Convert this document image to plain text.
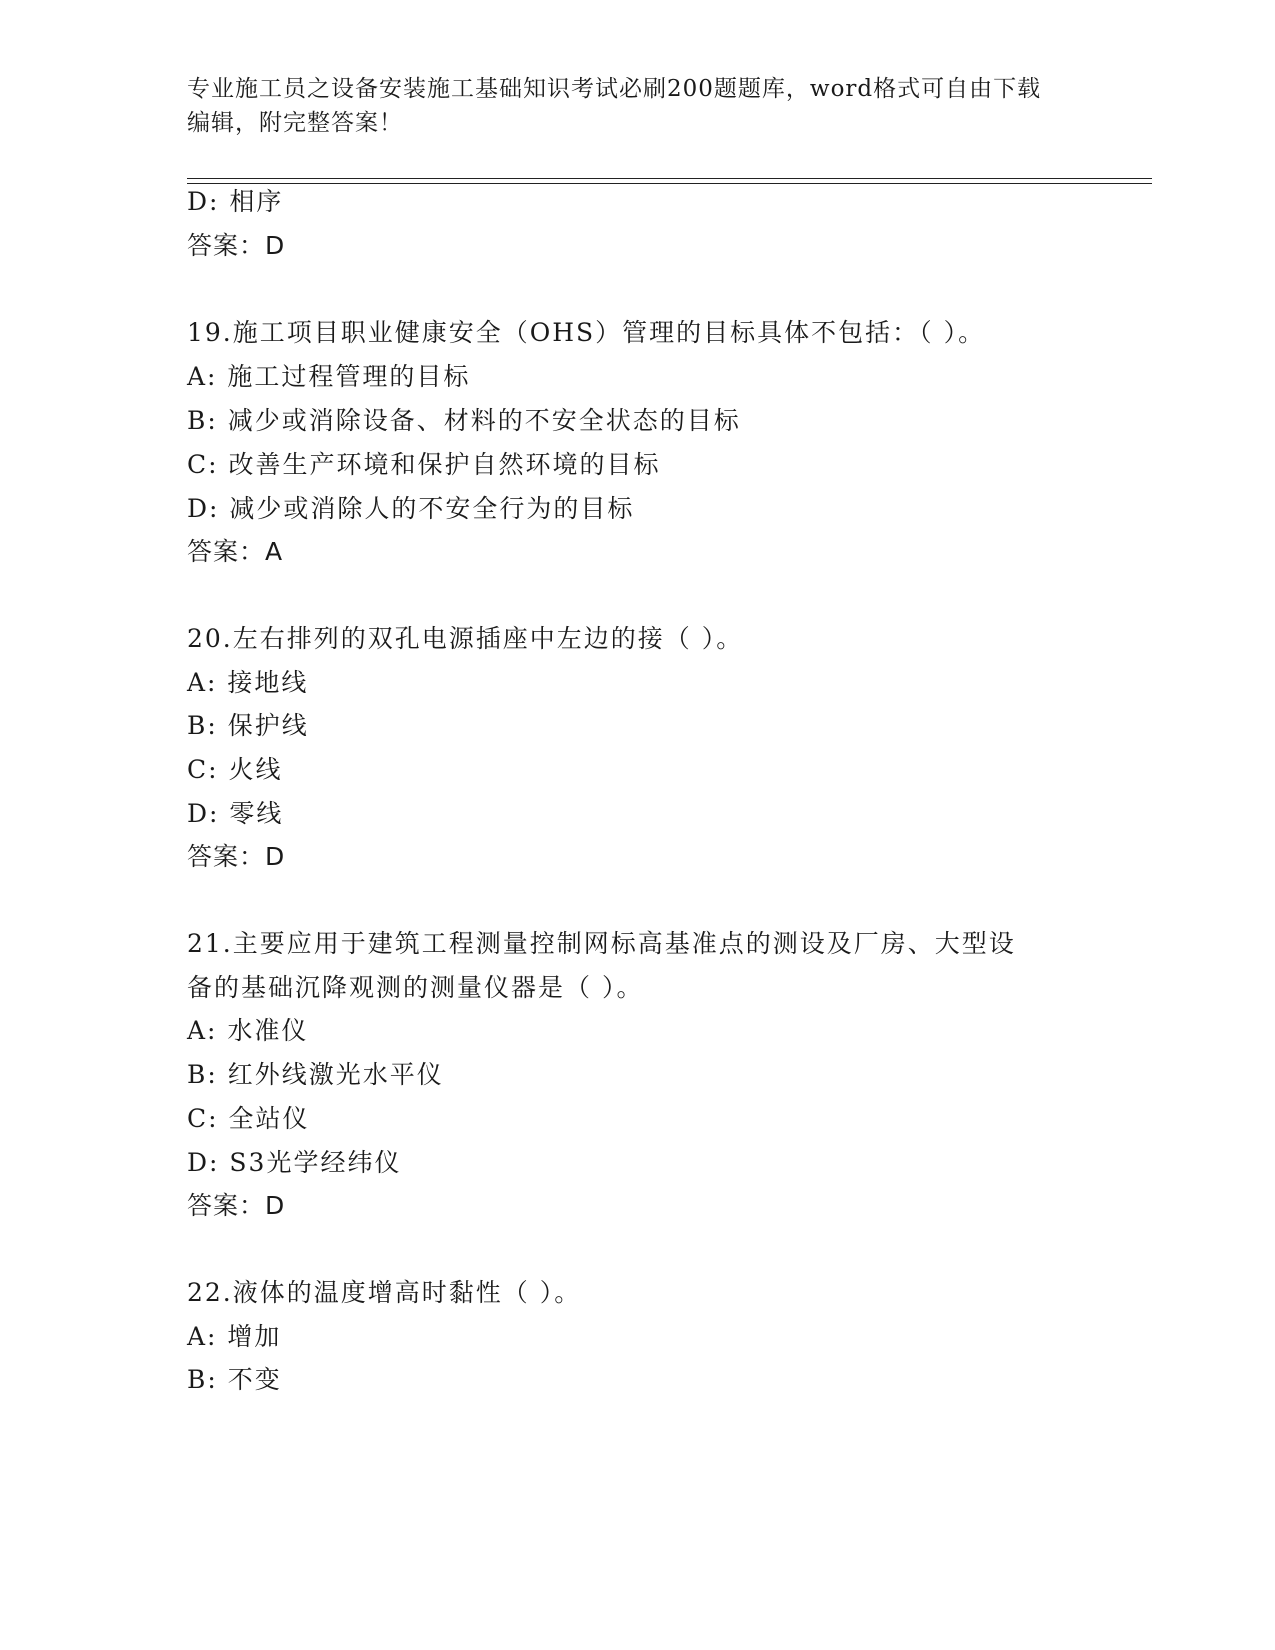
专业施工员之设备安装施工基础知识考试必刷200题题库，word格式可自由下载
编辑，附完整答案！
D: 相序
答案：D
19.施工项目职业健康安全（OHS）管理的目标具体不包括：（ ）。
A: 施工过程管理的目标
B: 减少或消除设备、材料的不安全状态的目标
C: 改善生产环境和保护自然环境的目标
D: 减少或消除人的不安全行为的目标
答案：A
20.左右排列的双孔电源插座中左边的接（ ）。
A: 接地线
B: 保护线
C: 火线
D: 零线
答案：D
21.主要应用于建筑工程测量控制网标高基准点的测设及厂房、大型设
备的基础沉降观测的测量仪器是（ ）。
A: 水准仪
B: 红外线激光水平仪
C: 全站仪
D: S3光学经纬仪
答案：D
22.液体的温度增高时黏性（ ）。
A: 增加
B: 不变
